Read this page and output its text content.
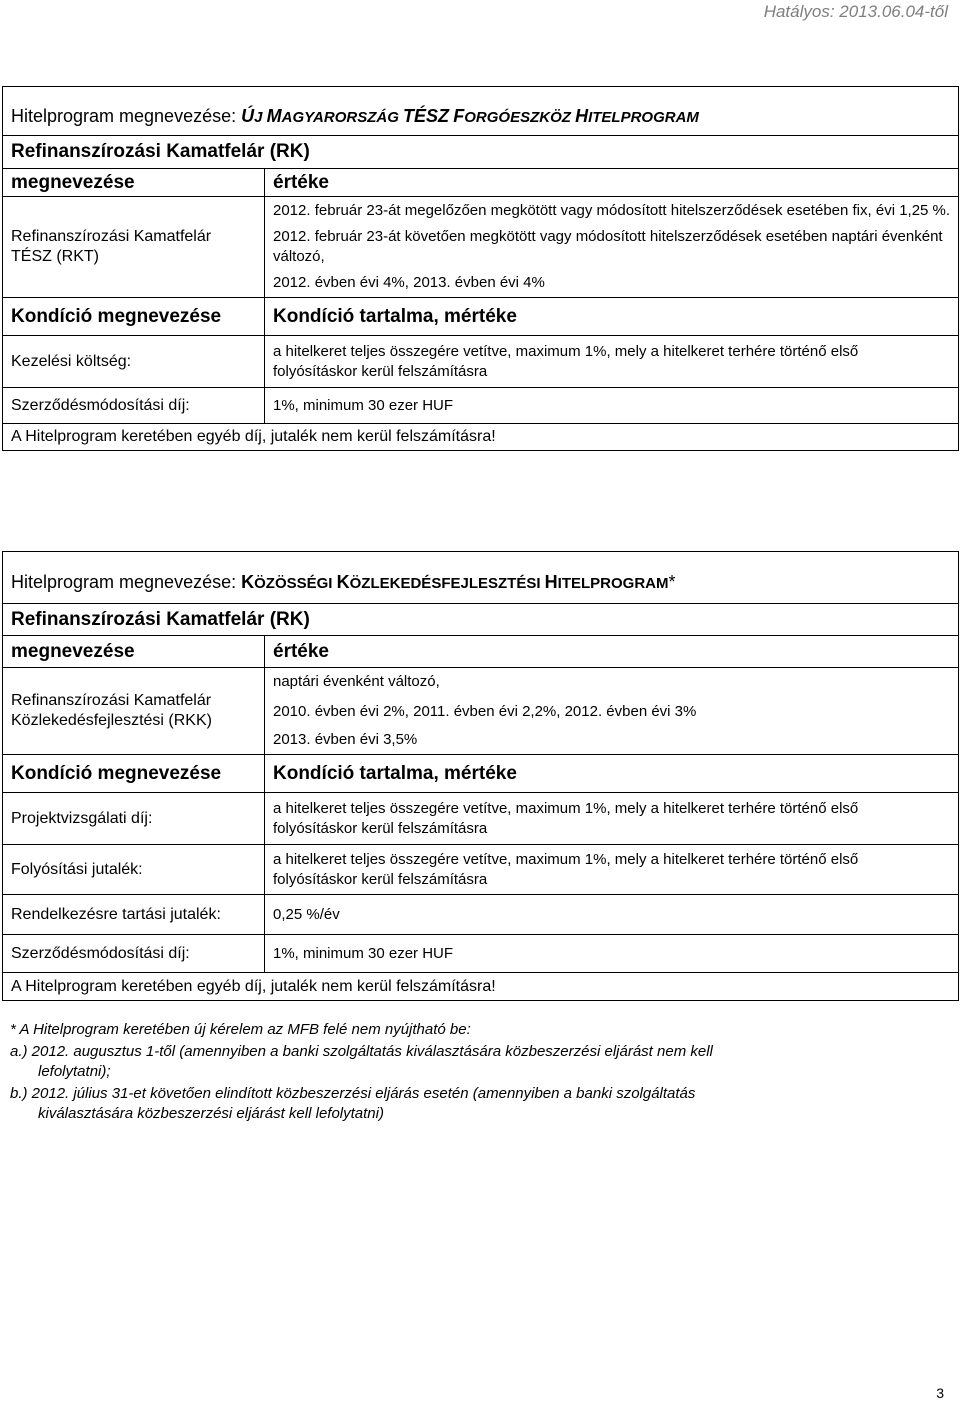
Hatályos: 2013.06.04-től
Hitelprogram megnevezése: ÚJ MAGYARORSZÁG TÉSZ FORGÓESZKÖZ HITELPROGRAM	
Refinanszírozási Kamatfelár (RK)	
megnevezése	értéke
Refinanszírozási Kamatfelár TÉSZ (RKT)	2012. február 23-át megelőzően megkötött vagy módosított hitelszerződések esetében fix, évi 1,25 %.

2012. február 23-át követően megkötött vagy módosított hitelszerződések esetében naptári évenként változó,

2012. évben évi 4%, 2013. évben évi 4%

Kondíció megnevezése	Kondíció tartalma, mértéke
Kezelési költség:	a hitelkeret teljes összegére vetítve, maximum 1%, mely a hitelkeret terhére történő első folyósításkor kerül felszámításra
Szerződésmódosítási díj:	1%, minimum 30 ezer HUF
A Hitelprogram keretében egyéb díj, jutalék nem kerül felszámításra!	
Hitelprogram megnevezése: KÖZÖSSÉGI KÖZLEKEDÉSFEJLESZTÉSI HITELPROGRAM*	
Refinanszírozási Kamatfelár (RK)	
megnevezése	értéke
Refinanszírozási Kamatfelár Közlekedésfejlesztési (RKK)	naptári évenként változó,

2010. évben évi 2%, 2011. évben évi 2,2%, 2012. évben évi 3%

2013. évben évi 3,5%

Kondíció megnevezése	Kondíció tartalma, mértéke
Projektvizsgálati díj:	a hitelkeret teljes összegére vetítve, maximum 1%, mely a hitelkeret terhére történő első folyósításkor kerül felszámításra
Folyósítási jutalék:	a hitelkeret teljes összegére vetítve, maximum 1%, mely a hitelkeret terhére történő első folyósításkor kerül felszámításra
Rendelkezésre tartási jutalék:	0,25 %/év
Szerződésmódosítási díj:	1%, minimum 30 ezer HUF
A Hitelprogram keretében egyéb díj, jutalék nem kerül felszámításra!	
* A Hitelprogram keretében új kérelem az MFB felé nem nyújtható be:
a.) 2012. augusztus 1-től (amennyiben a banki szolgáltatás kiválasztására közbeszerzési eljárást nem kell
lefolytatni);
b.) 2012. július 31-et követően elindított közbeszerzési eljárás esetén (amennyiben a banki szolgáltatás
kiválasztására közbeszerzési eljárást kell lefolytatni)
3
